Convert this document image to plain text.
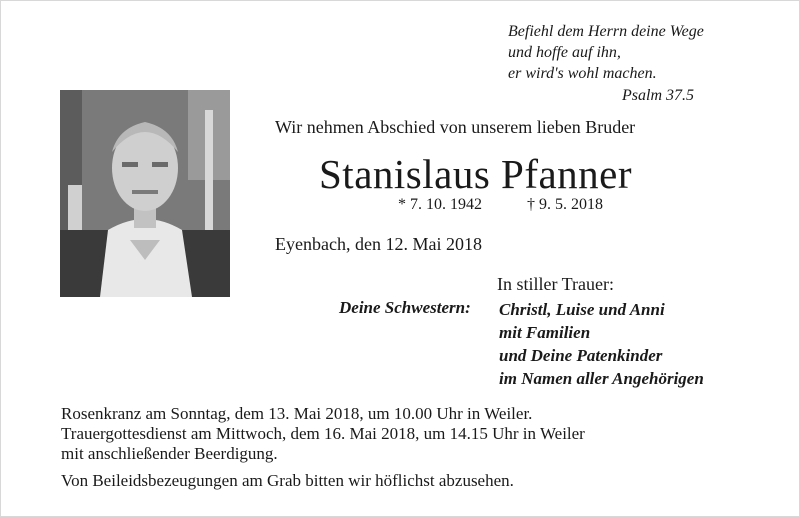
Befiehl dem Herrn deine Wege
und hoffe auf ihn,
er wird's wohl machen.
Psalm 37.5
Wir nehmen Abschied von unserem lieben Bruder
Stanislaus Pfanner
* 7. 10. 1942	† 9. 5. 2018
Eyenbach, den 12. Mai 2018
In stiller Trauer:
Deine Schwestern: Christl, Luise und Anni
mit Familien
und Deine Patenkinder
im Namen aller Angehörigen
Rosenkranz am Sonntag, dem 13. Mai 2018, um 10.00 Uhr in Weiler.
Trauergottesdienst am Mittwoch, dem 16. Mai 2018, um 14.15 Uhr in Weiler
mit anschließender Beerdigung.
Von Beileidsbezeugungen am Grab bitten wir höflichst abzusehen.
